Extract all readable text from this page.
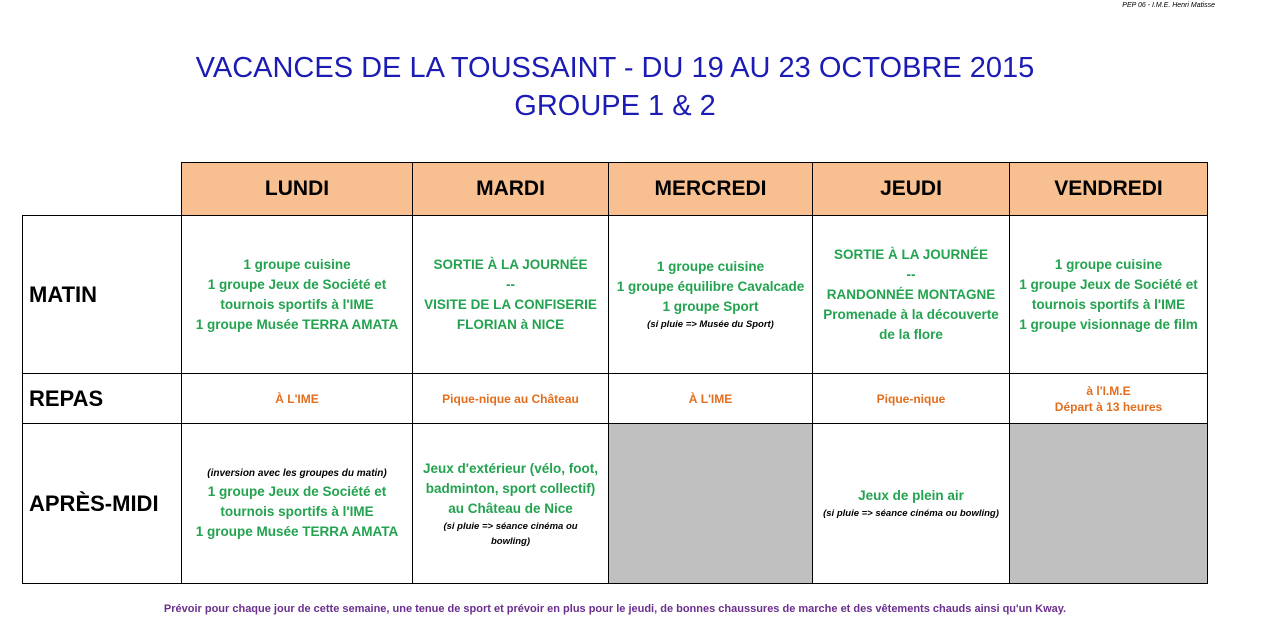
PEP 06 - I.M.E. Henri Matisse
VACANCES DE LA TOUSSAINT - DU 19 AU 23 OCTOBRE 2015
GROUPE 1 & 2
	LUNDI	MARDI	MERCREDI	JEUDI	VENDREDI
MATIN	1 groupe cuisine
1 groupe Jeux de Société et
tournois sportifs à l'IME
1 groupe Musée TERRA AMATA	SORTIE À LA JOURNÉE
--
VISITE DE LA CONFISERIE
FLORIAN à NICE	1 groupe cuisine
1 groupe équilibre Cavalcade
1 groupe Sport
(si pluie => Musée du Sport)	SORTIE À LA JOURNÉE
--
RANDONNÉE MONTAGNE
Promenade à la découverte
de la flore	1 groupe cuisine
1 groupe Jeux de Société et
tournois sportifs à l'IME
1 groupe visionnage de film

REPAS	À L'IME	Pique-nique au Château	À L'IME	Pique-nique	à l'I.M.E
Départ à 13 heures

APRÈS-MIDI	(inversion avec les groupes du matin)
1 groupe Jeux de Société et
tournois sportifs à l'IME
1 groupe Musée TERRA AMATA	Jeux d'extérieur (vélo, foot,
badminton, sport collectif)
au Château de Nice
(si pluie => séance cinéma ou
bowling)		Jeux de plein air
(si pluie => séance cinéma ou bowling)	

Prévoir pour chaque jour de cette semaine, une tenue de sport et prévoir en plus pour le jeudi, de bonnes chaussures de marche et des vêtements chauds ainsi qu'un Kway.
